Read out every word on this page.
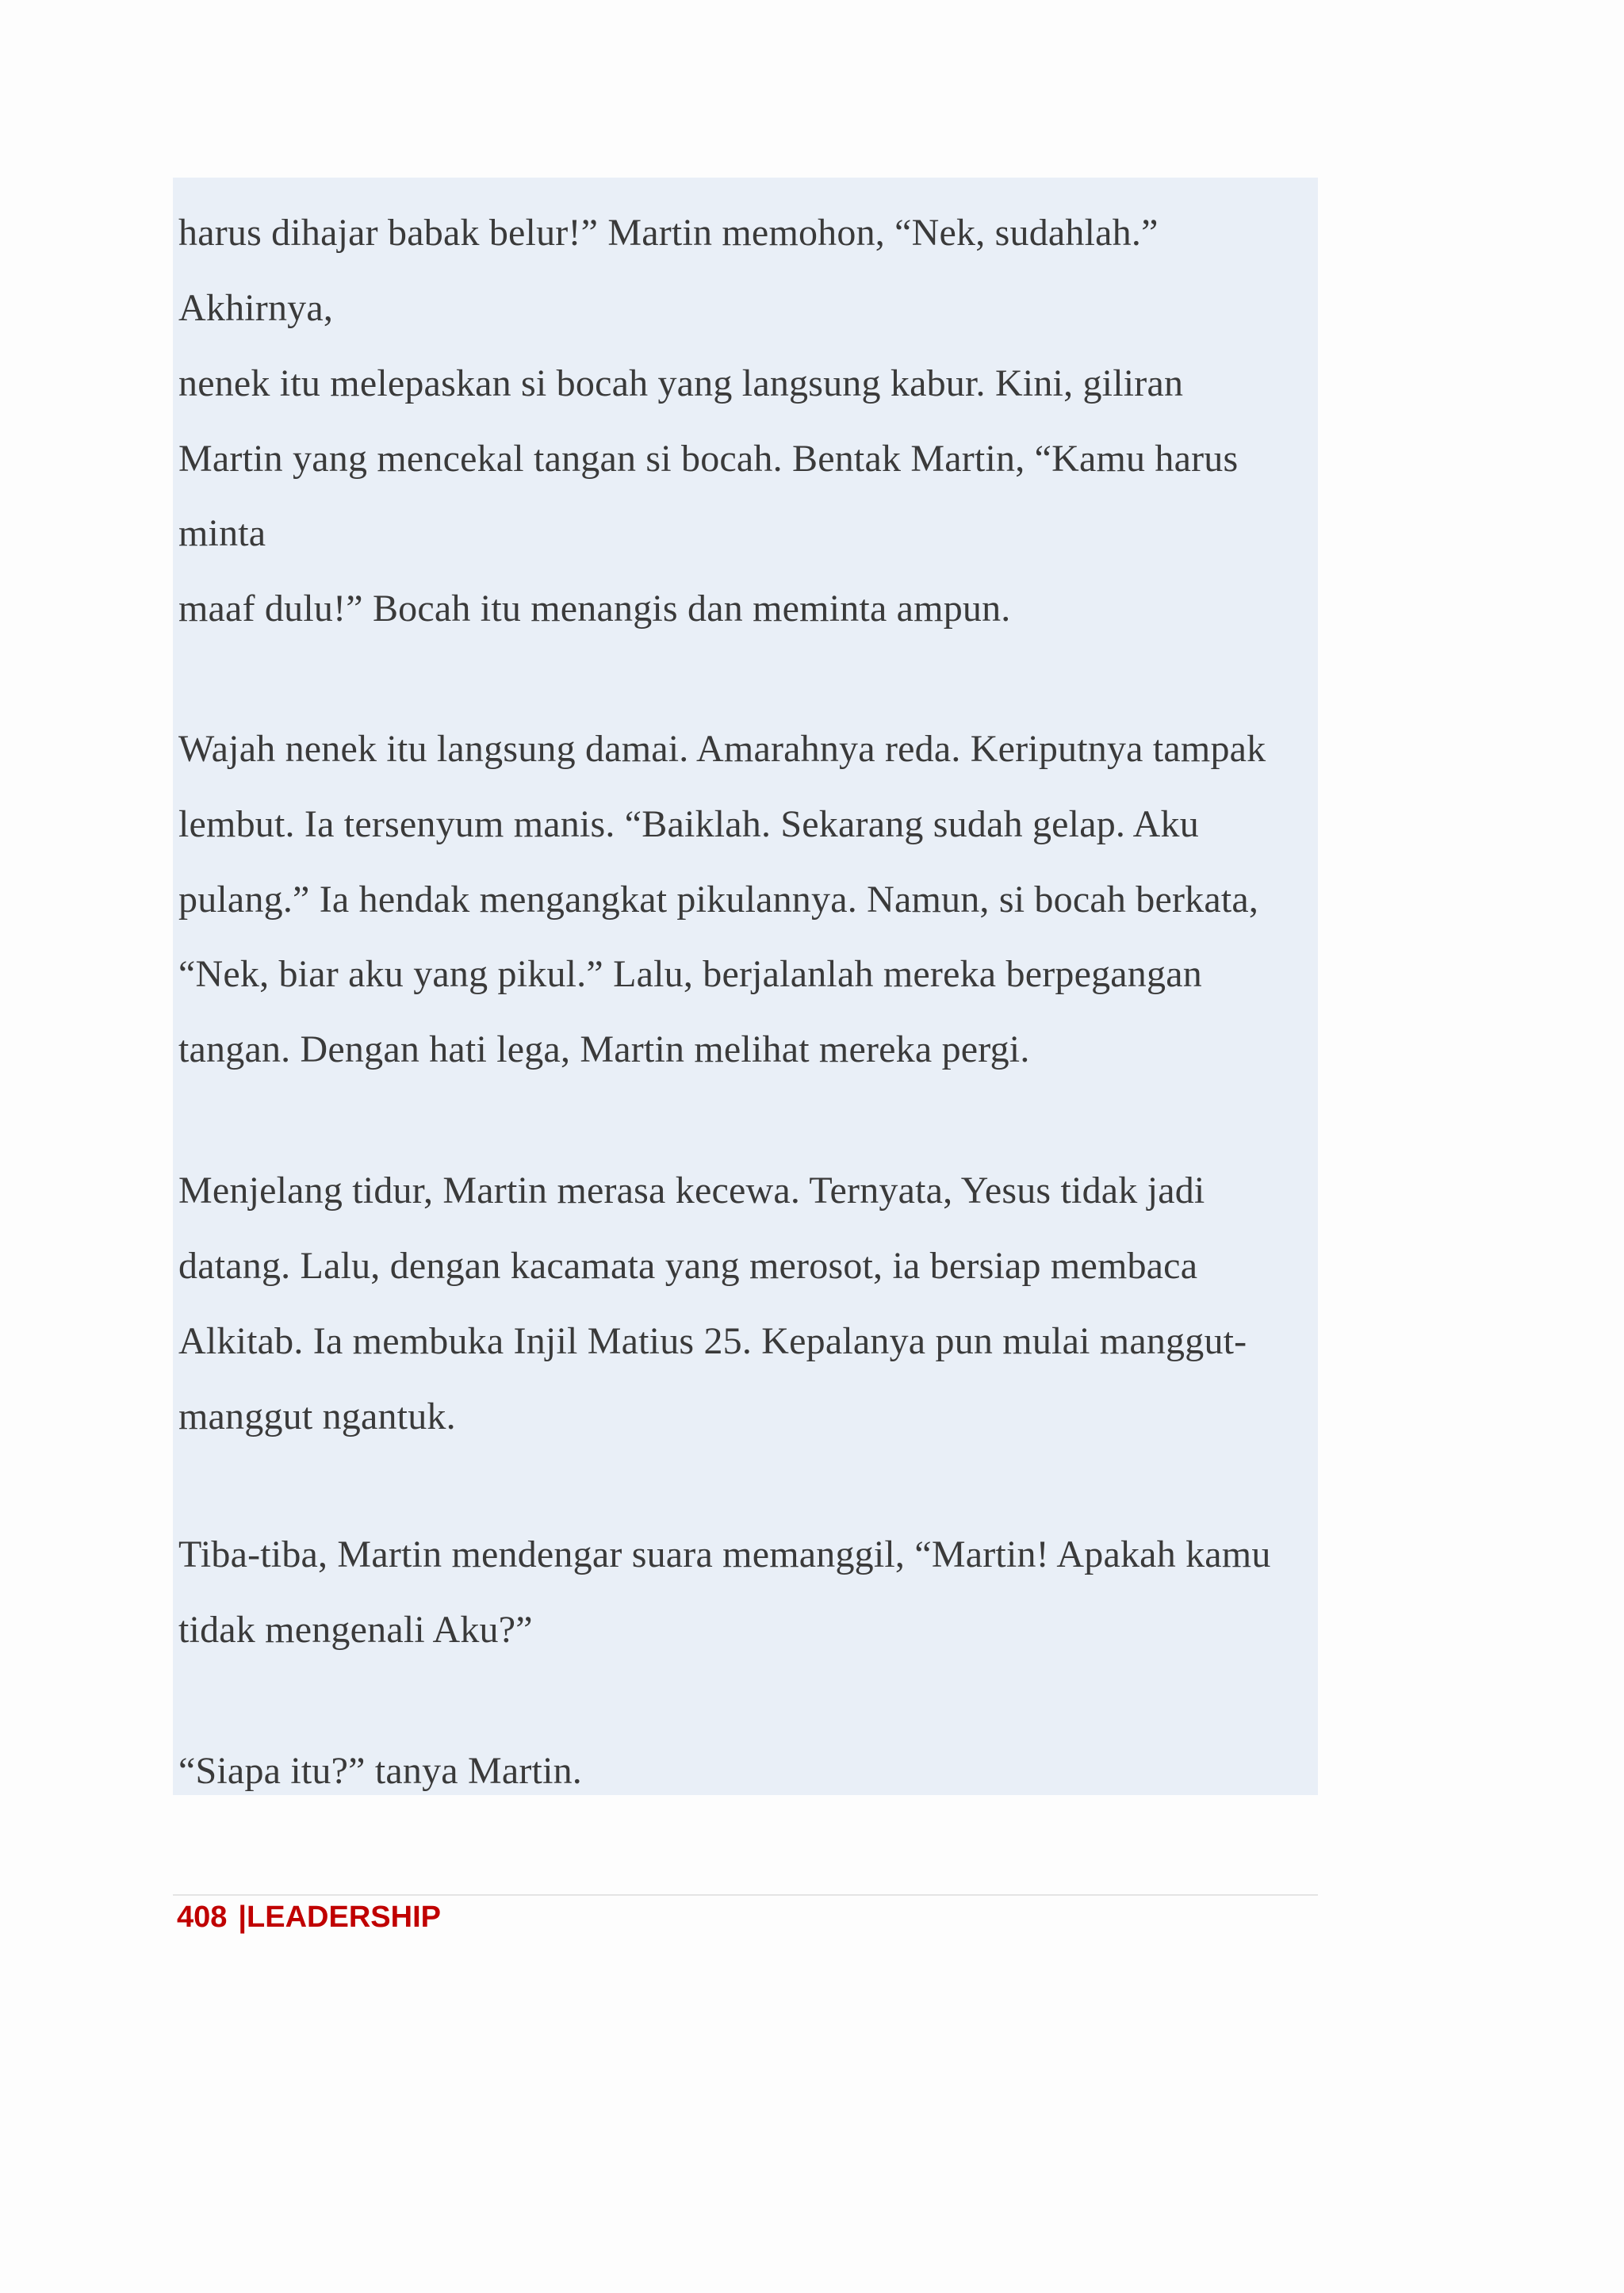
harus dihajar babak belur!” Martin memohon, “Nek, sudahlah.”
Akhirnya,
nenek itu melepaskan si bocah yang langsung kabur. Kini, giliran
Martin yang mencekal tangan si bocah. Bentak Martin, “Kamu harus
minta
maaf dulu!” Bocah itu menangis dan meminta ampun.
Wajah nenek itu langsung damai. Amarahnya reda. Keriputnya tampak
lembut. Ia tersenyum manis. “Baiklah. Sekarang sudah gelap. Aku
pulang.” Ia hendak mengangkat pikulannya. Namun, si bocah berkata,
“Nek, biar aku yang pikul.” Lalu, berjalanlah mereka berpegangan
tangan. Dengan hati lega, Martin melihat mereka pergi.
Menjelang tidur, Martin merasa kecewa. Ternyata, Yesus tidak jadi
datang. Lalu, dengan kacamata yang merosot, ia bersiap membaca
Alkitab. Ia membuka Injil Matius 25. Kepalanya pun mulai manggut-
manggut ngantuk.
Tiba-tiba, Martin mendengar suara memanggil, “Martin! Apakah kamu
tidak mengenali Aku?”
“Siapa itu?” tanya Martin.
408 |LEADERSHIP
